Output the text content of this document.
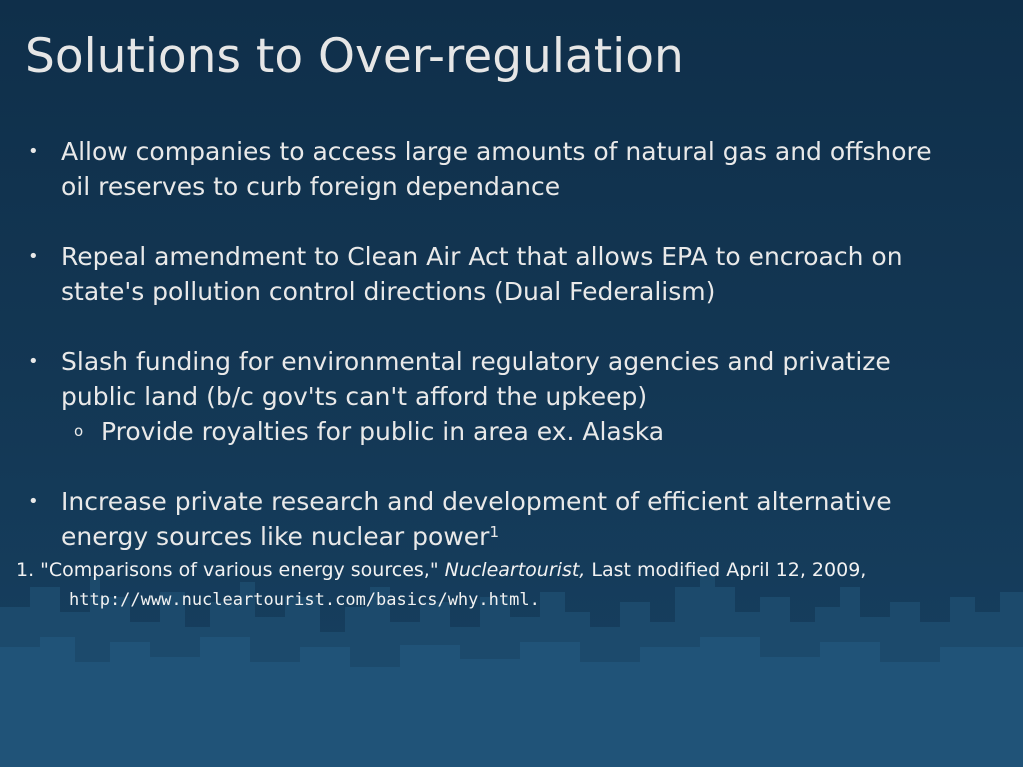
Solutions to Over-regulation
• Allow companies to access large amounts of natural gas and offshore oil reserves to curb foreign dependance
• Repeal amendment to Clean Air Act that allows EPA to encroach on state's pollution control directions (Dual Federalism)
• Slash funding for environmental regulatory agencies and privatize public land (b/c gov'ts can't afford the upkeep)
o Provide royalties for public in area ex. Alaska
• Increase private research and development of efficient alternative energy sources like nuclear power$^1$
1. "Comparisons of various energy sources," Nucleartourist, Last modified April 12, 2009,
http://www.nucleartourist.com/basics/why.html.
